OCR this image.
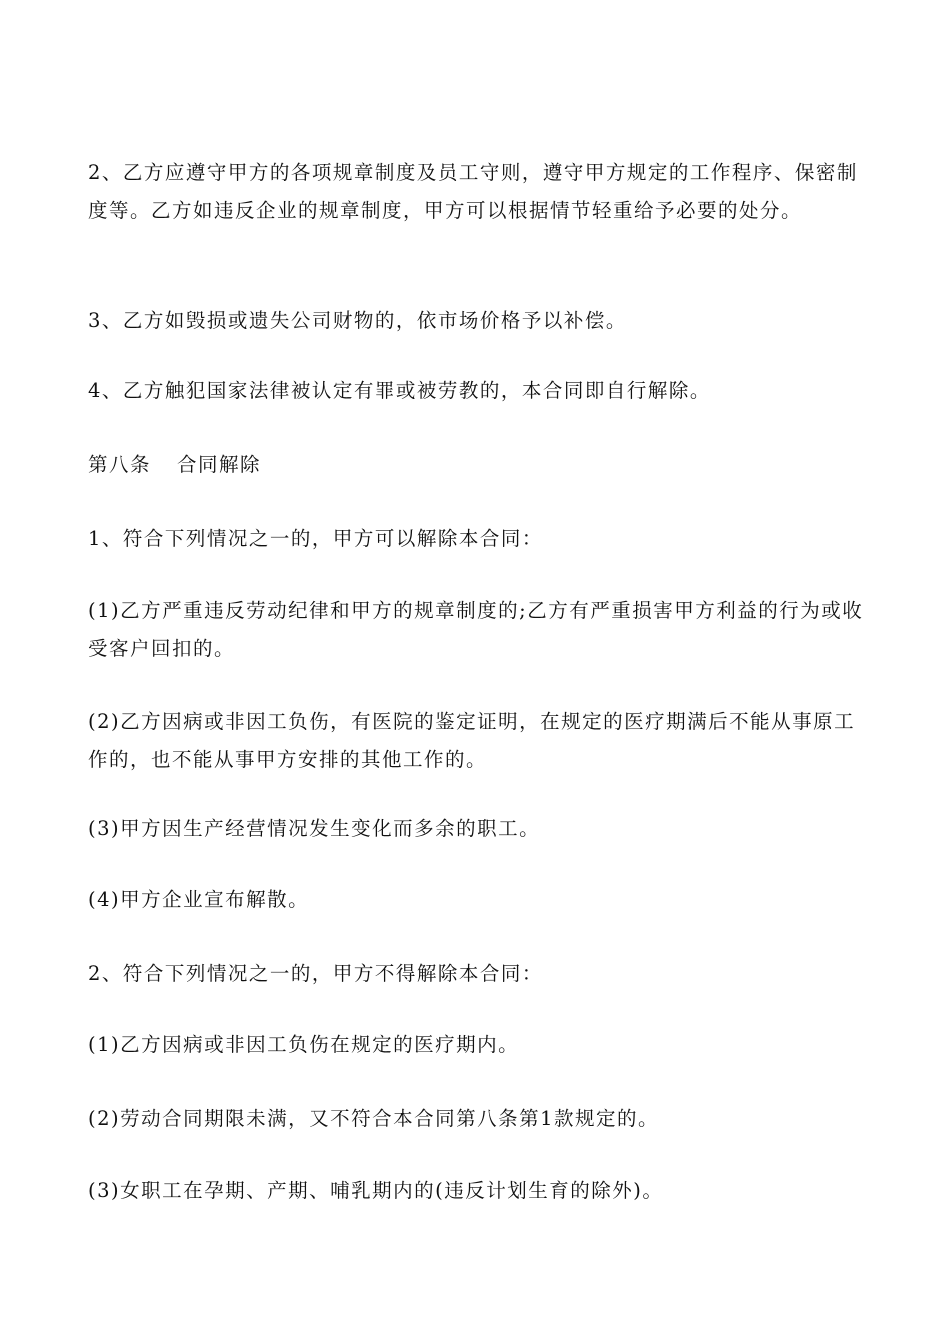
2、乙方应遵守甲方的各项规章制度及员工守则，遵守甲方规定的工作程序、保密制度等。乙方如违反企业的规章制度，甲方可以根据情节轻重给予必要的处分。

3、乙方如毁损或遗失公司财物的，依市场价格予以补偿。

4、乙方触犯国家法律被认定有罪或被劳教的，本合同即自行解除。

第八条 合同解除

1、符合下列情况之一的，甲方可以解除本合同：

(1)乙方严重违反劳动纪律和甲方的规章制度的;乙方有严重损害甲方利益的行为或收受客户回扣的。

(2)乙方因病或非因工负伤，有医院的鉴定证明，在规定的医疗期满后不能从事原工作的，也不能从事甲方安排的其他工作的。

(3)甲方因生产经营情况发生变化而多余的职工。

(4)甲方企业宣布解散。

2、符合下列情况之一的，甲方不得解除本合同：

(1)乙方因病或非因工负伤在规定的医疗期内。

(2)劳动合同期限未满，又不符合本合同第八条第1款规定的。

(3)女职工在孕期、产期、哺乳期内的(违反计划生育的除外)。
